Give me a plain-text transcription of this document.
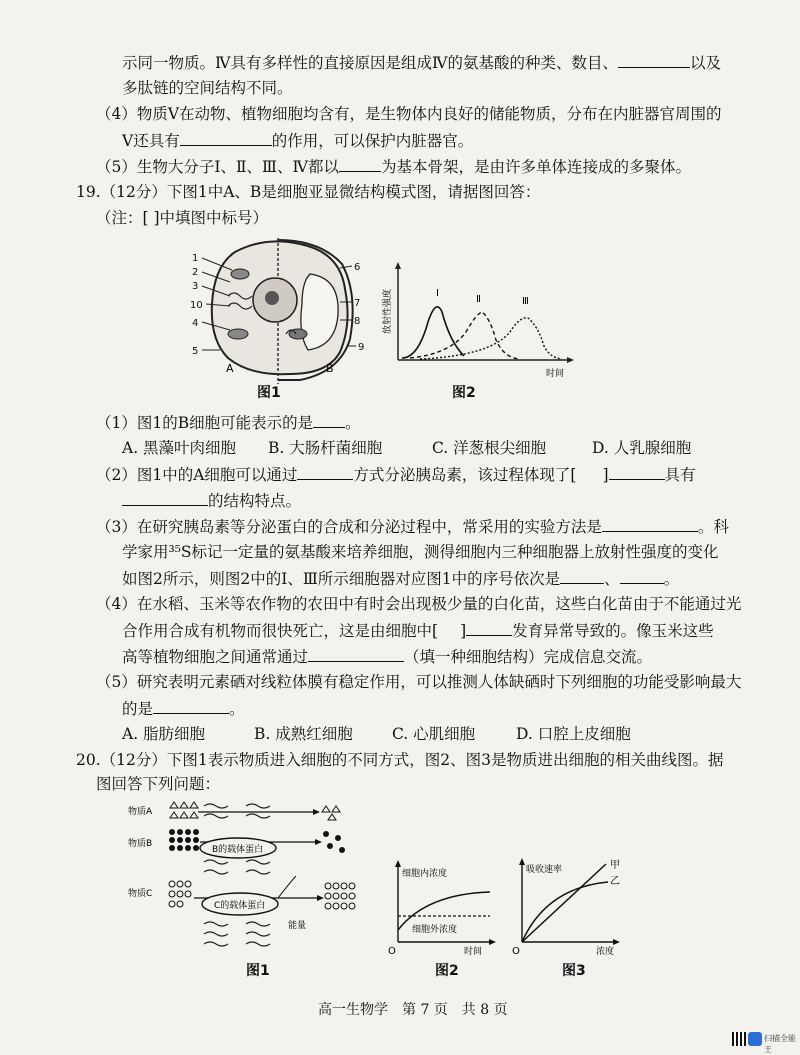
示同一物质。Ⅳ具有多样性的直接原因是组成Ⅳ的氨基酸的种类、数目、	以及
多肽链的空间结构不同。
（4）物质Ⅴ在动物、植物细胞均含有，是生物体内良好的储能物质，分布在内脏器官周围的
Ⅴ还具有	的作用，可以保护内脏器官。
（5）生物大分子Ⅰ、Ⅱ、Ⅲ、Ⅳ都以	为基本骨架，是由许多单体连接成的多聚体。
19.（12分）下图1中A、B是细胞亚显微结构模式图，请据图回答：
（注：[ ]中填图中标号）
1
2
3
10
4
5
6
7
8
9
A	B
图1
放射性强度
时间
Ⅰ
Ⅱ	Ⅲ
图2
（1）图1的B细胞可能表示的是 。
A. 黑藻叶肉细胞 B. 大肠杆菌细胞	C. 洋葱根尖细胞	D. 人乳腺细胞
（2）图1中的A细胞可以通过	方式分泌胰岛素，该过程体现了[ ]	具有
的结构特点。
（3）在研究胰岛素等分泌蛋白的合成和分泌过程中，常采用的实验方法是	。科
学家用³⁵S标记一定量的氨基酸来培养细胞，测得细胞内三种细胞器上放射性强度的变化
如图2所示，则图2中的Ⅰ、Ⅲ所示细胞器对应图1中的序号依次是	、	。
（4）在水稻、玉米等农作物的农田中有时会出现极少量的白化苗，这些白化苗由于不能通过光
合作用合成有机物而很快死亡，这是由细胞中[ ]	发育异常导致的。像玉米这些
高等植物细胞之间通常通过	（填一种细胞结构）完成信息交流。
（5）研究表明元素硒对线粒体膜有稳定作用，可以推测人体缺硒时下列细胞的功能受影响最大
的是	。
A. 脂肪细胞	B. 成熟红细胞	C. 心肌细胞	D. 口腔上皮细胞
20.（12分）下图1表示物质进入细胞的不同方式，图2、图3是物质进出细胞的相关曲线图。据
图回答下列问题：
物质A
物质B
B的载体蛋白
物质C
C的载体蛋白
能量
图1
细胞内浓度
细胞外浓度
O	时间
图2
吸收速率	甲
乙
O	浓度
图3
高一生物学　第 7 页　共 8 页
扫描全能王
